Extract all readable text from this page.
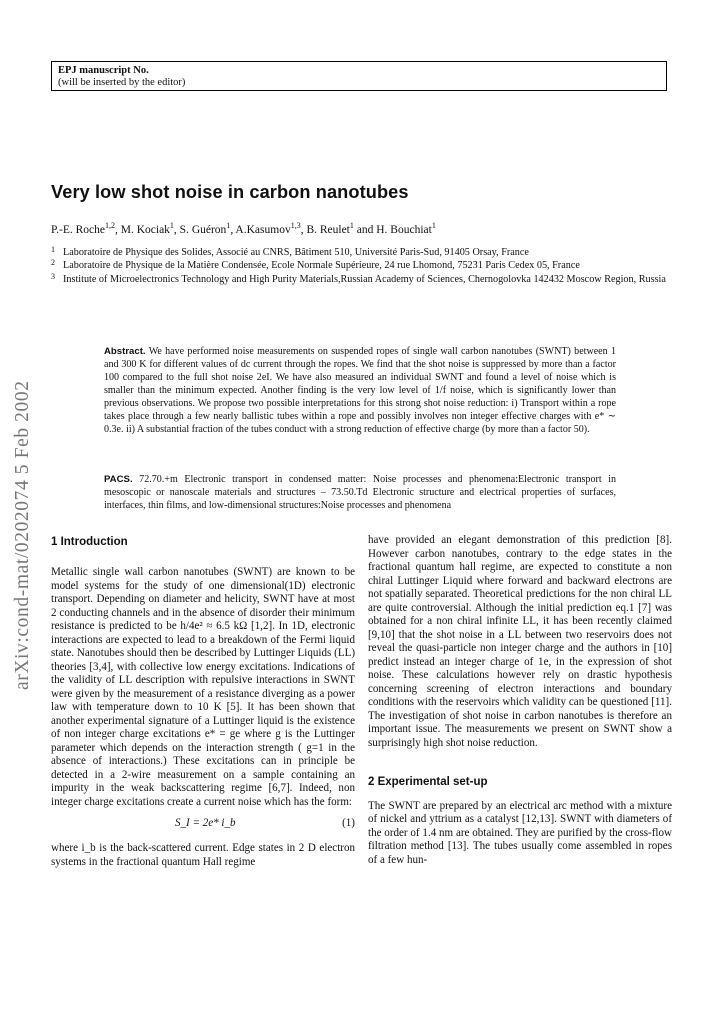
EPJ manuscript No.
(will be inserted by the editor)
arXiv:cond-mat/0202074 5 Feb 2002
Very low shot noise in carbon nanotubes
P.-E. Roche$^{1,2}$, M. Kociak$^1$, S. Guéron$^1$, A.Kasumov$^{1,3}$, B. Reulet$^1$ and H. Bouchiat$^1$
1 Laboratoire de Physique des Solides, Associé au CNRS, Bâtiment 510, Université Paris-Sud, 91405 Orsay, France
2 Laboratoire de Physique de la Matière Condensée, Ecole Normale Supérieure, 24 rue Lhomond, 75231 Paris Cedex 05, France
3 Institute of Microelectronics Technology and High Purity Materials,Russian Academy of Sciences, Chernogolovka 142432 Moscow Region, Russia
Abstract. We have performed noise measurements on suspended ropes of single wall carbon nanotubes (SWNT) between 1 and 300 K for different values of dc current through the ropes. We find that the shot noise is suppressed by more than a factor 100 compared to the full shot noise 2eI. We have also measured an individual SWNT and found a level of noise which is smaller than the minimum expected. Another finding is the very low level of 1/f noise, which is significantly lower than previous observations. We propose two possible interpretations for this strong shot noise reduction: i) Transport within a rope takes place through a few nearly ballistic tubes within a rope and possibly involves non integer effective charges with e* ∼ 0.3e. ii) A substantial fraction of the tubes conduct with a strong reduction of effective charge (by more than a factor 50).
PACS. 72.70.+m Electronic transport in condensed matter: Noise processes and phenomena:Electronic transport in mesoscopic or nanoscale materials and structures – 73.50.Td Electronic structure and electrical properties of surfaces, interfaces, thin films, and low-dimensional structures:Noise processes and phenomena
1 Introduction
Metallic single wall carbon nanotubes (SWNT) are known to be model systems for the study of one dimensional(1D) electronic transport. Depending on diameter and helicity, SWNT have at most 2 conducting channels and in the absence of disorder their minimum resistance is predicted to be h/4e² ≈ 6.5 kΩ [1,2]. In 1D, electronic interactions are expected to lead to a breakdown of the Fermi liquid state. Nanotubes should then be described by Luttinger Liquids (LL) theories [3,4], with collective low energy excitations. Indications of the validity of LL description with repulsive interactions in SWNT were given by the measurement of a resistance diverging as a power law with temperature down to 10 K [5]. It has been shown that another experimental signature of a Luttinger liquid is the existence of non integer charge excitations e* = ge where g is the Luttinger parameter which depends on the interaction strength ( g=1 in the absence of interactions.) These excitations can in principle be detected in a 2-wire measurement on a sample containing an impurity in the weak backscattering regime [6,7]. Indeed, non integer charge excitations create a current noise which has the form:
S_I = 2e* i_b	(1)
where i_b is the back-scattered current. Edge states in 2 D electron systems in the fractional quantum Hall regime
have provided an elegant demonstration of this prediction [8]. However carbon nanotubes, contrary to the edge states in the fractional quantum hall regime, are expected to constitute a non chiral Luttinger Liquid where forward and backward electrons are not spatially separated. Theoretical predictions for the non chiral LL are quite controversial. Although the initial prediction eq.1 [7] was obtained for a non chiral infinite LL, it has been recently claimed [9,10] that the shot noise in a LL between two reservoirs does not reveal the quasi-particle non integer charge and the authors in [10] predict instead an integer charge of 1e, in the expression of shot noise. These calculations however rely on drastic hypothesis concerning screening of electron interactions and boundary conditions with the reservoirs which validity can be questioned [11]. The investigation of shot noise in carbon nanotubes is therefore an important issue. The measurements we present on SWNT show a surprisingly high shot noise reduction.
2 Experimental set-up
The SWNT are prepared by an electrical arc method with a mixture of nickel and yttrium as a catalyst [12,13]. SWNT with diameters of the order of 1.4 nm are obtained. They are purified by the cross-flow filtration method [13]. The tubes usually come assembled in ropes of a few hun-
